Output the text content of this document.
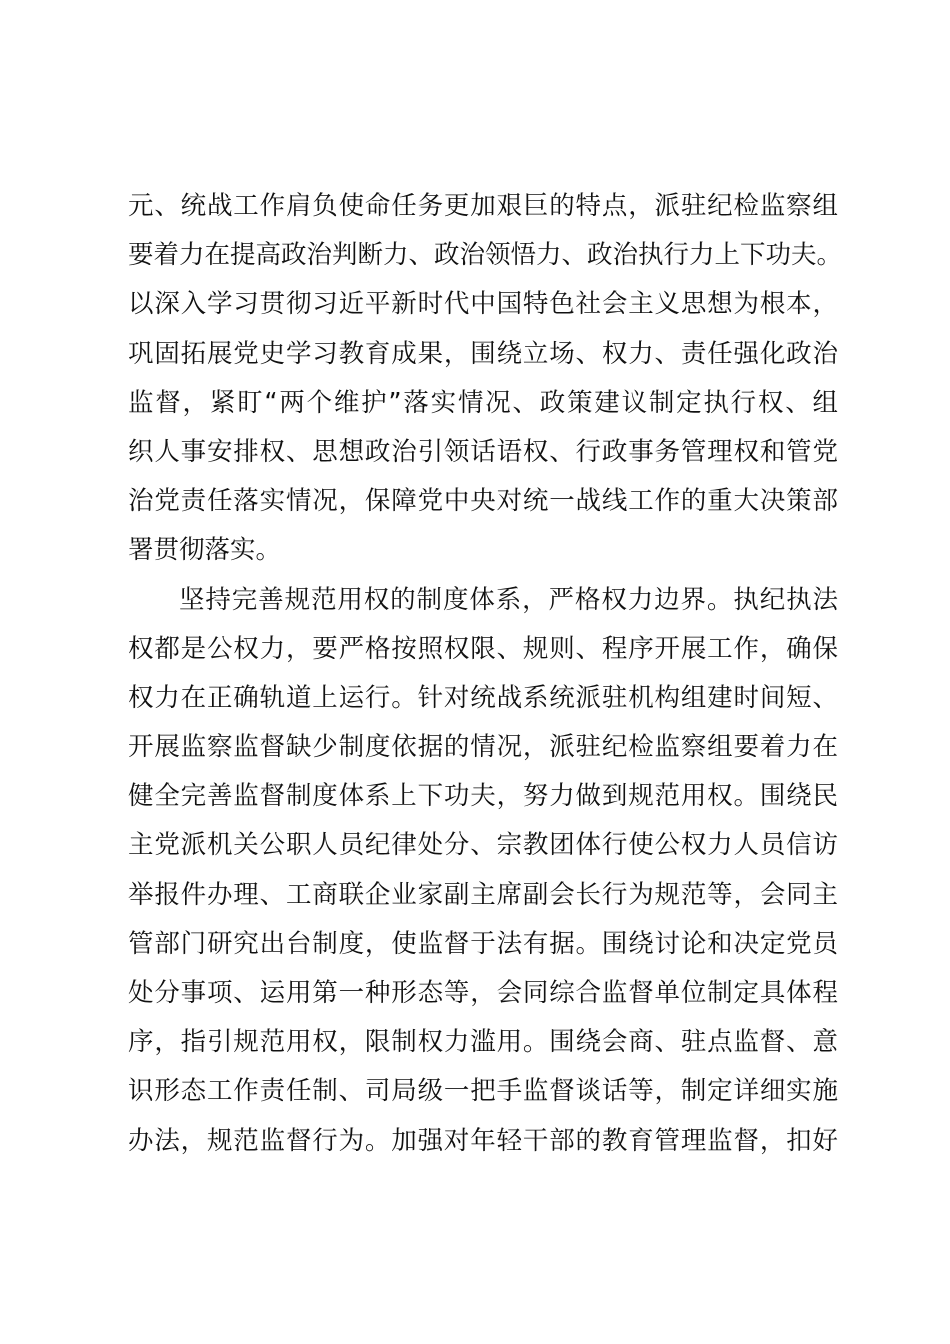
元、统战工作肩负使命任务更加艰巨的特点，派驻纪检监察组
要着力在提高政治判断力、政治领悟力、政治执行力上下功夫。
以深入学习贯彻习近平新时代中国特色社会主义思想为根本，
巩固拓展党史学习教育成果，围绕立场、权力、责任强化政治
监督，紧盯“两个维护”落实情况、政策建议制定执行权、组
织人事安排权、思想政治引领话语权、行政事务管理权和管党
治党责任落实情况，保障党中央对统一战线工作的重大决策部
署贯彻落实。
坚持完善规范用权的制度体系，严格权力边界。执纪执法
权都是公权力，要严格按照权限、规则、程序开展工作，确保
权力在正确轨道上运行。针对统战系统派驻机构组建时间短、
开展监察监督缺少制度依据的情况，派驻纪检监察组要着力在
健全完善监督制度体系上下功夫，努力做到规范用权。围绕民
主党派机关公职人员纪律处分、宗教团体行使公权力人员信访
举报件办理、工商联企业家副主席副会长行为规范等，会同主
管部门研究出台制度，使监督于法有据。围绕讨论和决定党员
处分事项、运用第一种形态等，会同综合监督单位制定具体程
序，指引规范用权，限制权力滥用。围绕会商、驻点监督、意
识形态工作责任制、司局级一把手监督谈话等，制定详细实施
办法，规范监督行为。加强对年轻干部的教育管理监督，扣好
